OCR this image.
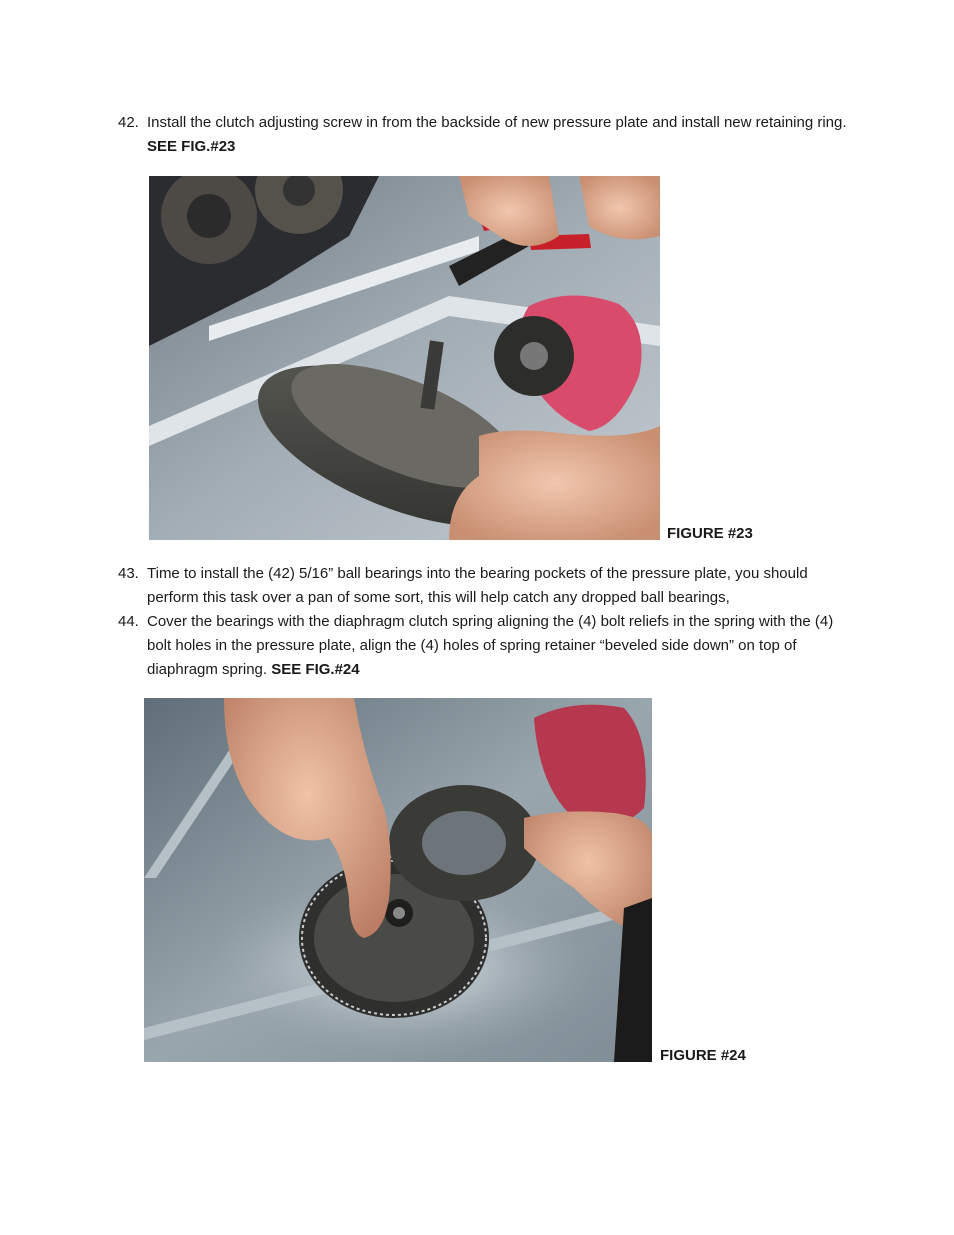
42. Install the clutch adjusting screw in from the backside of new pressure plate and install new retaining ring. SEE FIG.#23
FIGURE #23
43. Time to install the (42) 5/16” ball bearings into the bearing pockets of the pressure plate, you should perform this task over a pan of some sort, this will help catch any dropped ball bearings,
44. Cover the bearings with the diaphragm clutch spring aligning the (4) bolt reliefs in the spring with the (4) bolt holes in the pressure plate, align the (4) holes of spring retainer “beveled side down” on top of diaphragm spring. SEE FIG.#24
FIGURE #24
